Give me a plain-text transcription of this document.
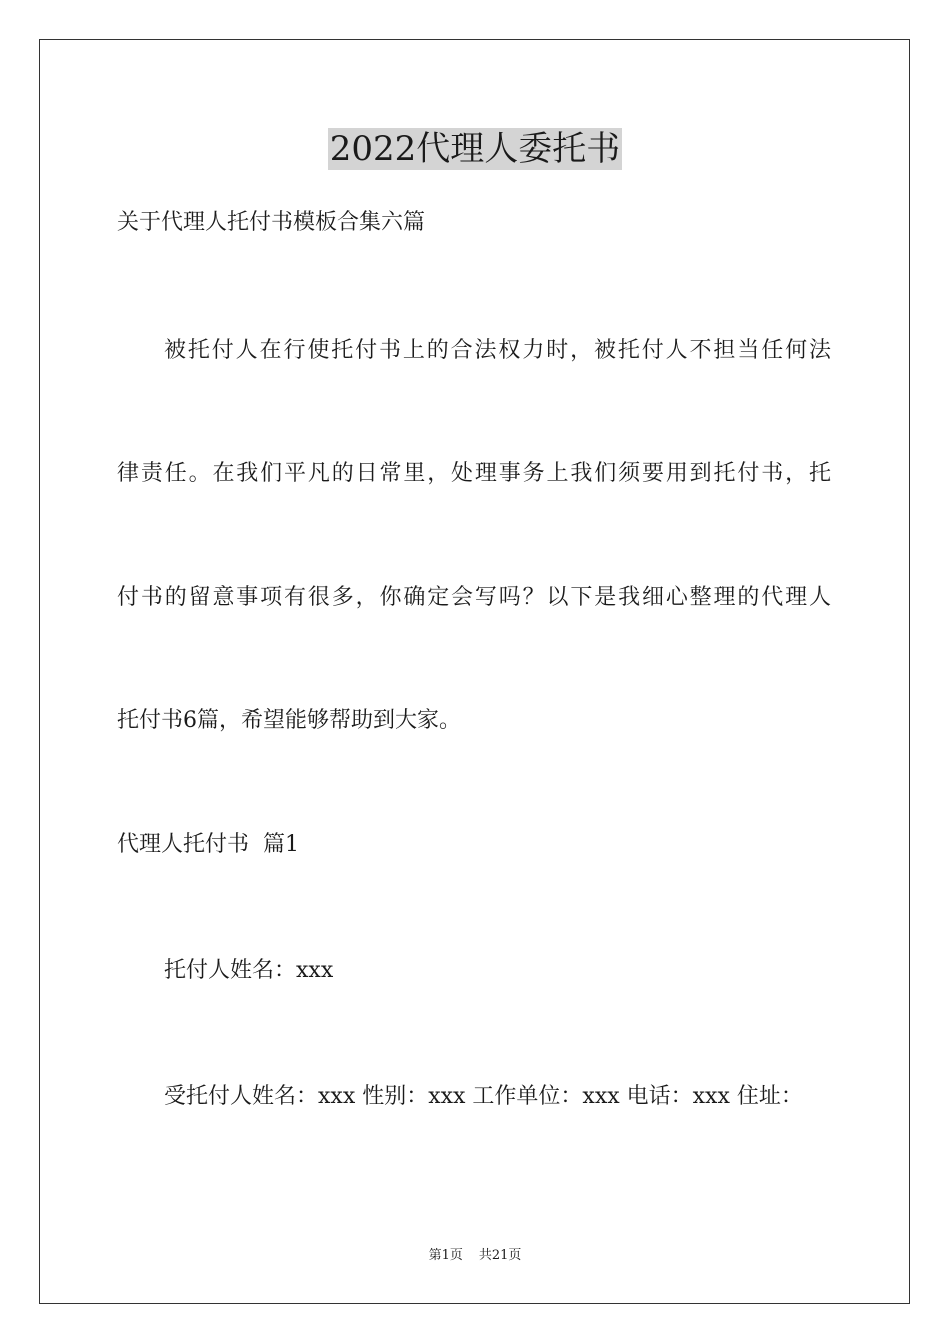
2022代理人委托书
关于代理人托付书模板合集六篇
被托付人在行使托付书上的合法权力时，被托付人不担当任何法
律责任。在我们平凡的日常里，处理事务上我们须要用到托付书，托
付书的留意事项有很多，你确定会写吗？以下是我细心整理的代理人
托付书6篇，希望能够帮助到大家。
代理人托付书  篇1
托付人姓名：xxx
受托付人姓名：xxx 性别：xxx 工作单位：xxx 电话：xxx 住址：
第1页 共21页
